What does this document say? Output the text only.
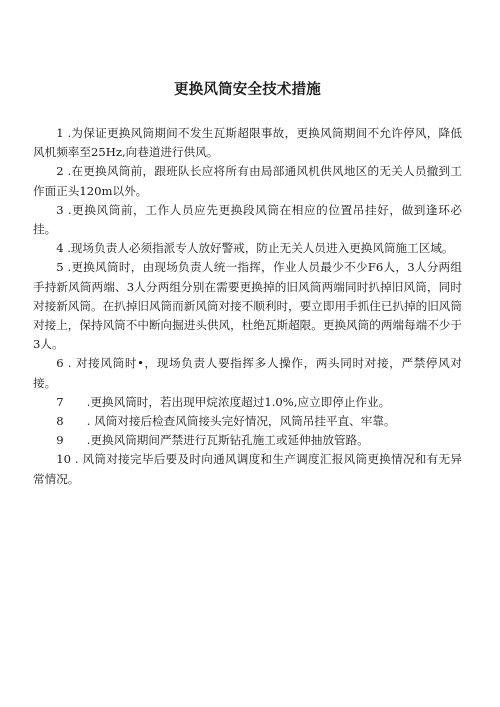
更换风筒安全技术措施

1 .为保证更换风筒期间不发生瓦斯超限事故，更换风筒期间不允许停风，降低风机频率至25Hz,向巷道进行供风。

2 .在更换风筒前，跟班队长应将所有由局部通风机供风地区的无关人员撤到工作面正头120m以外。

3 .更换风筒前，工作人员应先更换段风筒在相应的位置吊挂好，做到逢环必挂。

4 .现场负责人必须指派专人放好警戒，防止无关人员进入更换风筒施工区域。

5 .更换风筒时，由现场负责人统一指挥，作业人员最少不少F6人，3人分两组手持新风筒两端、3人分两组分别在需要更换掉的旧风筒两端同时扒掉旧风筒，同时对接新风筒。在扒掉旧风筒而新风筒对接不顺利时，要立即用手抓住已扒掉的旧风筒对接上，保持风筒不中断向掘进头供风，杜绝瓦斯超限。更换风筒的两端每端不少于3人。

6 . 对接风筒时•，现场负责人要指挥多人操作，两头同时对接，严禁停风对接。

7　　.更换风筒时，若出现甲烷浓度超过1.0%,应立即停止作业。

8　　. 风筒对接后检查风筒接头完好情况，风筒吊挂平直、牢靠。

9　　.更换风筒期间严禁进行瓦斯钻孔施工或延伸抽放管路。

10 . 风筒对接完毕后要及时向通风调度和生产调度汇报风筒更换情况和有无异常情况。
